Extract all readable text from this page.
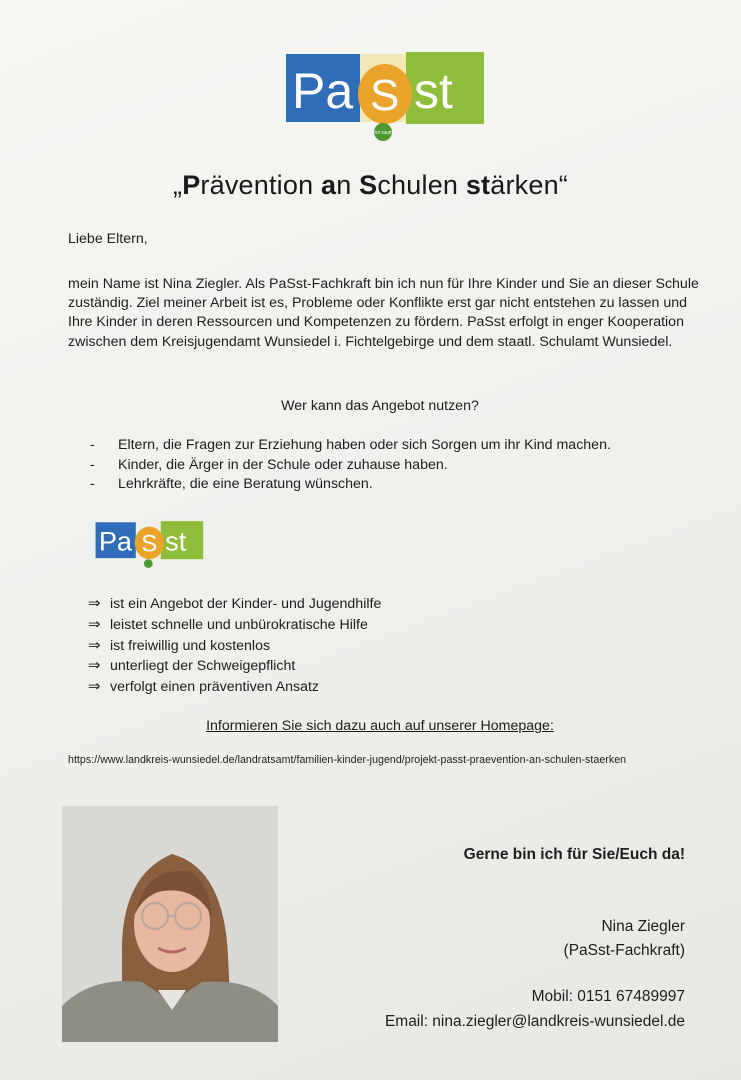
Pa S st
frei raum
„Prävention an Schulen stärken“
Liebe Eltern,
mein Name ist Nina Ziegler. Als PaSst-Fachkraft bin ich nun für Ihre Kinder und Sie an dieser Schule zuständig. Ziel meiner Arbeit ist es, Probleme oder Konflikte erst gar nicht entstehen zu lassen und Ihre Kinder in deren Ressourcen und Kompetenzen zu fördern. PaSst erfolgt in enger Kooperation zwischen dem Kreisjugendamt Wunsiedel i. Fichtelgebirge und dem staatl. Schulamt Wunsiedel.
Wer kann das Angebot nutzen?
-	Eltern, die Fragen zur Erziehung haben oder sich Sorgen um ihr Kind machen.
-	Kinder, die Ärger in der Schule oder zuhause haben.
-	Lehrkräfte, die eine Beratung wünschen.
Pa S st
⇒ ist ein Angebot der Kinder- und Jugendhilfe
⇒ leistet schnelle und unbürokratische Hilfe
⇒ ist freiwillig und kostenlos
⇒ unterliegt der Schweigepflicht
⇒ verfolgt einen präventiven Ansatz
Informieren Sie sich dazu auch auf unserer Homepage:
https://www.landkreis-wunsiedel.de/landratsamt/familien-kinder-jugend/projekt-passt-praevention-an-schulen-staerken
Gerne bin ich für Sie/Euch da!
Nina Ziegler
(PaSst-Fachkraft)
Mobil: 0151 67489997
Email: nina.ziegler@landkreis-wunsiedel.de
